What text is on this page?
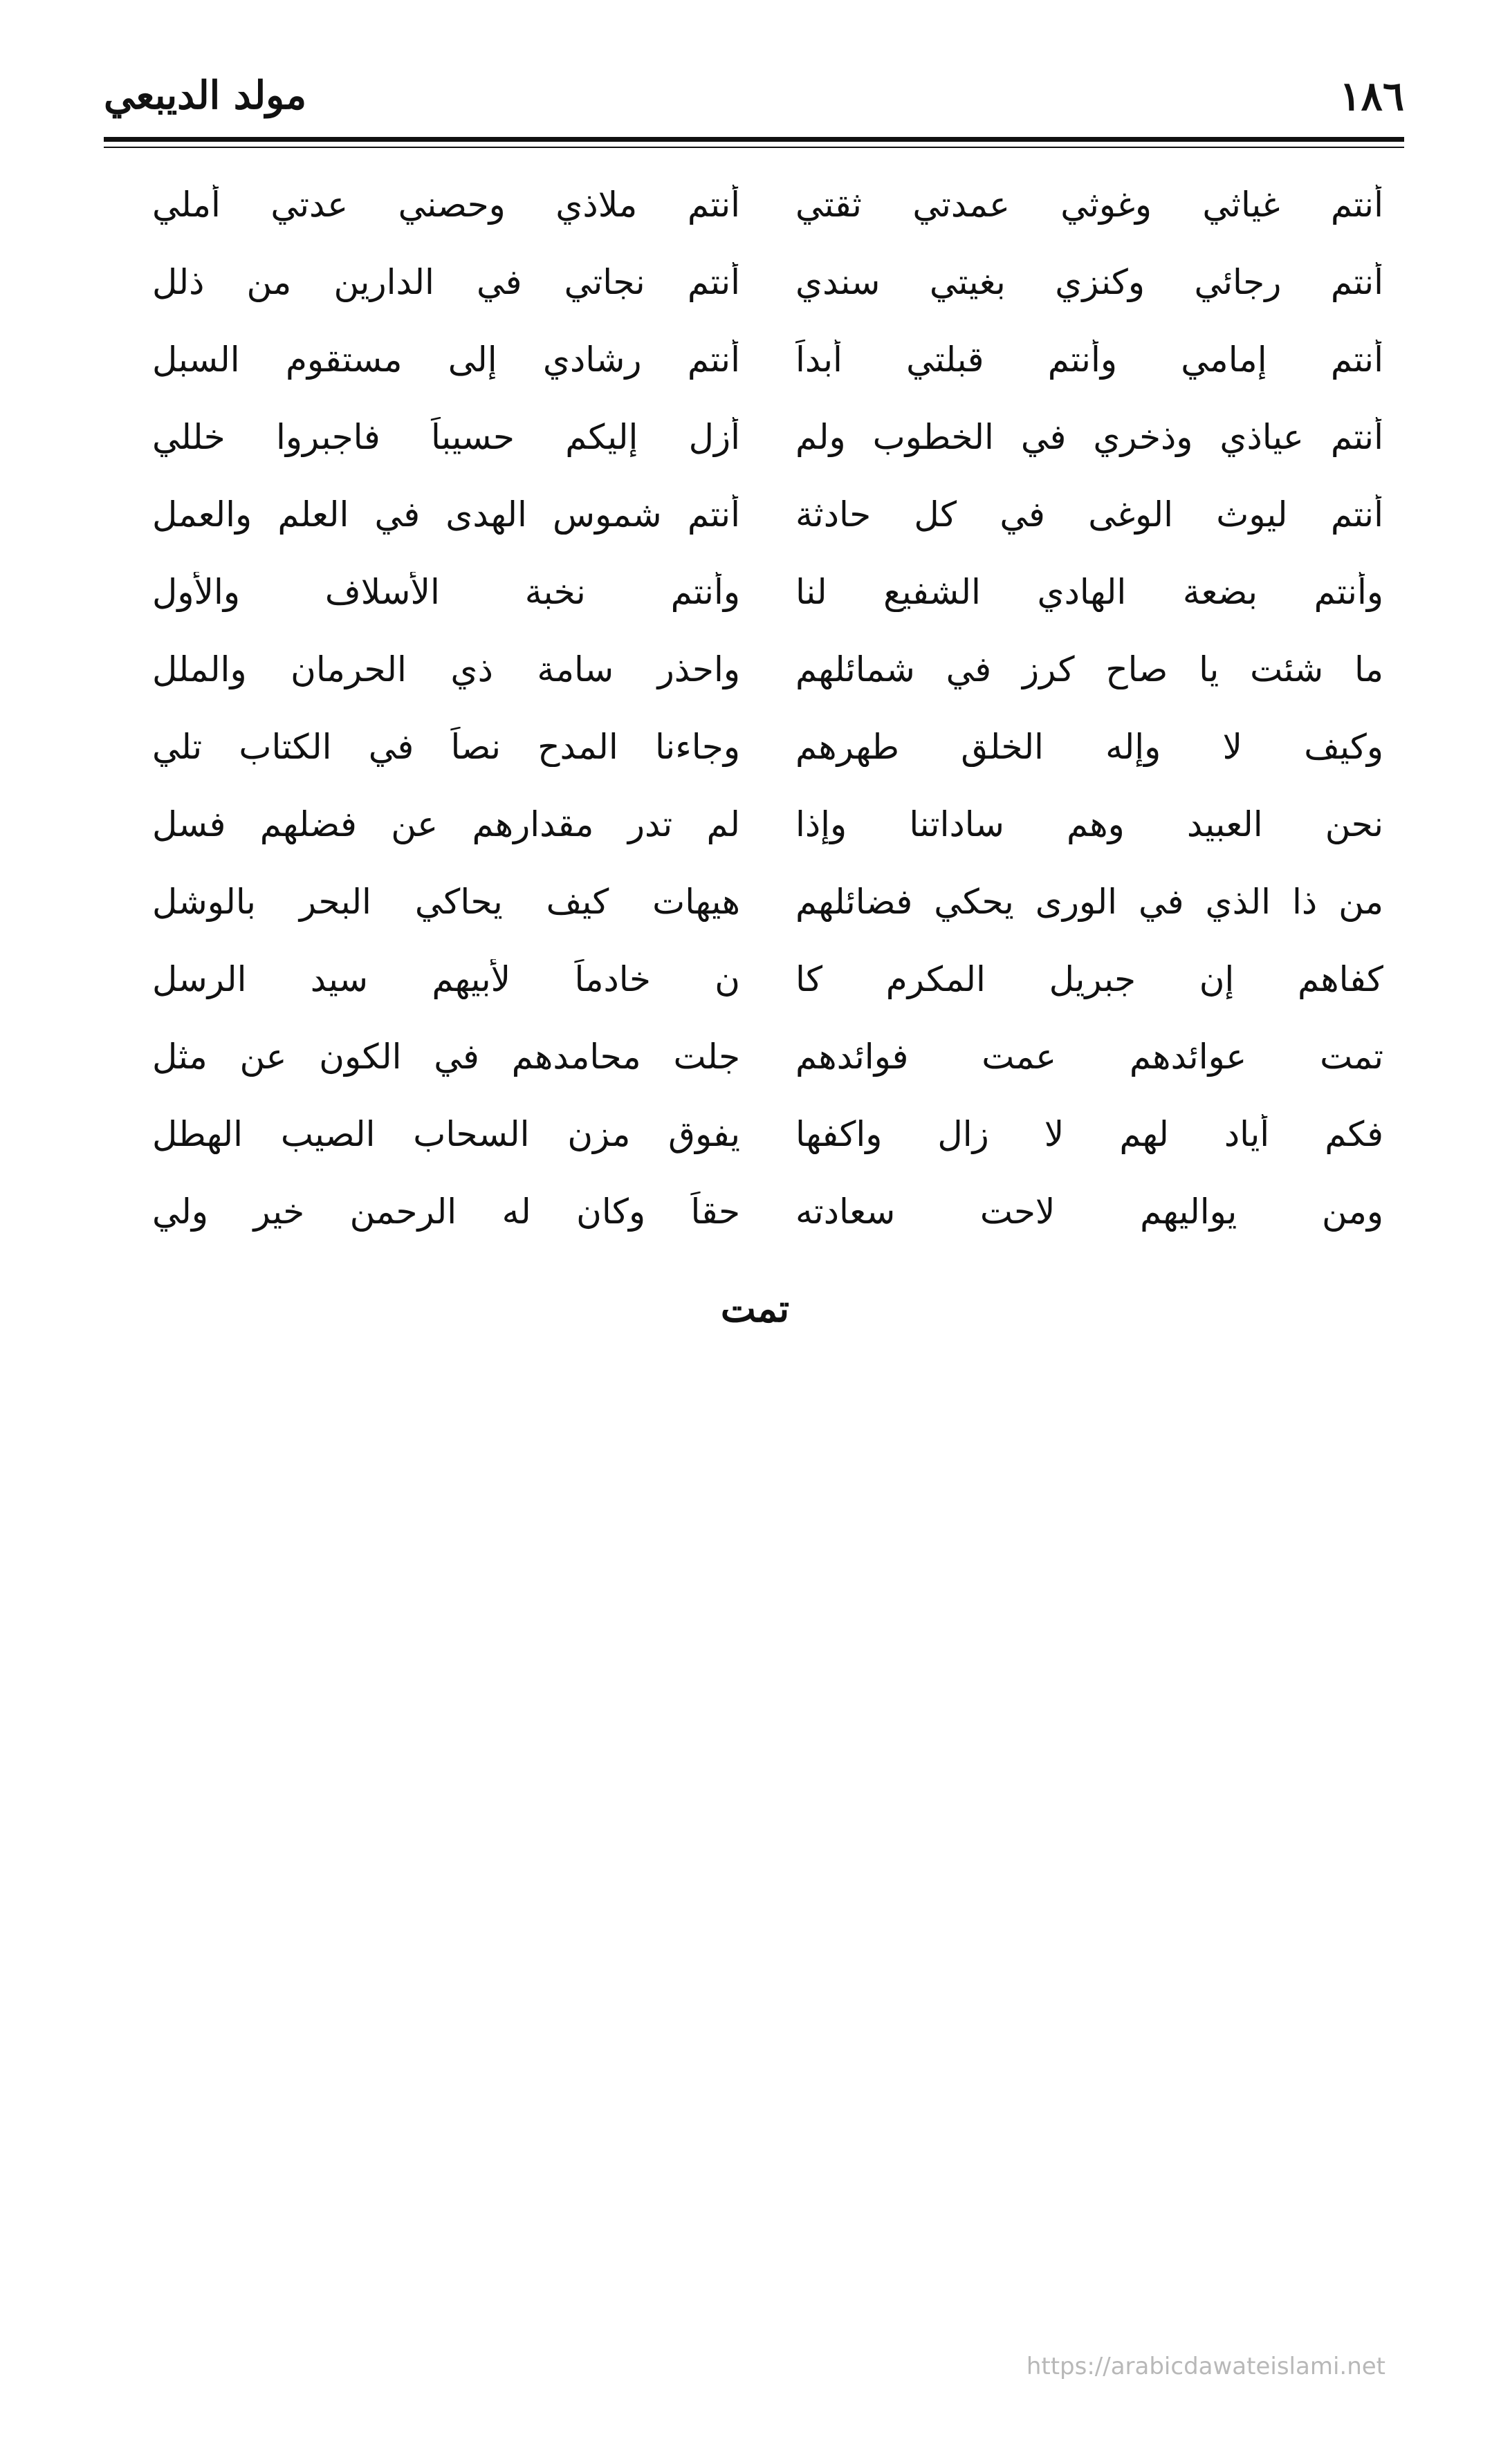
١٨٦
مولد الديبعي
أنتم غياثي وغوثي عمدتي ثقتي
أنتم ملاذي وحصني عدتي أملي
أنتم رجائي وكنزي بغيتي سندي
أنتم نجاتي في الدارين من ذلل
أنتم إمامي وأنتم قبلتي أبداً
أنتم رشادي إلى مستقوم السبل
أنتم عياذي وذخري في الخطوب ولم
أزل إليكم حسيباً فاجبروا خللي
أنتم ليوث الوغى في كل حادثة
أنتم شموس الهدى في العلم والعمل
وأنتم بضعة الهادي الشفيع لنا
وأنتم نخبة الأسلاف والأول
ما شئت يا صاح كرز في شمائلهم
واحذر سامة ذي الحرمان والملل
وكيف لا وإله الخلق طهرهم
وجاءنا المدح نصاً في الكتاب تلي
نحن العبيد وهم ساداتنا وإذا
لم تدر مقدارهم عن فضلهم فسل
من ذا الذي في الورى يحكي فضائلهم
هيهات كيف يحاكي البحر بالوشل
كفاهم إن جبريل المكرم كا
ن خادماً لأبيهم سيد الرسل
تمت عوائدهم عمت فوائدهم
جلت محامدهم في الكون عن مثل
فكم أياد لهم لا زال واكفها
يفوق مزن السحاب الصيب الهطل
ومن يواليهم لاحت سعادته
حقاً وكان له الرحمن خير ولي
تمت
https://arabicdawateislami.net
